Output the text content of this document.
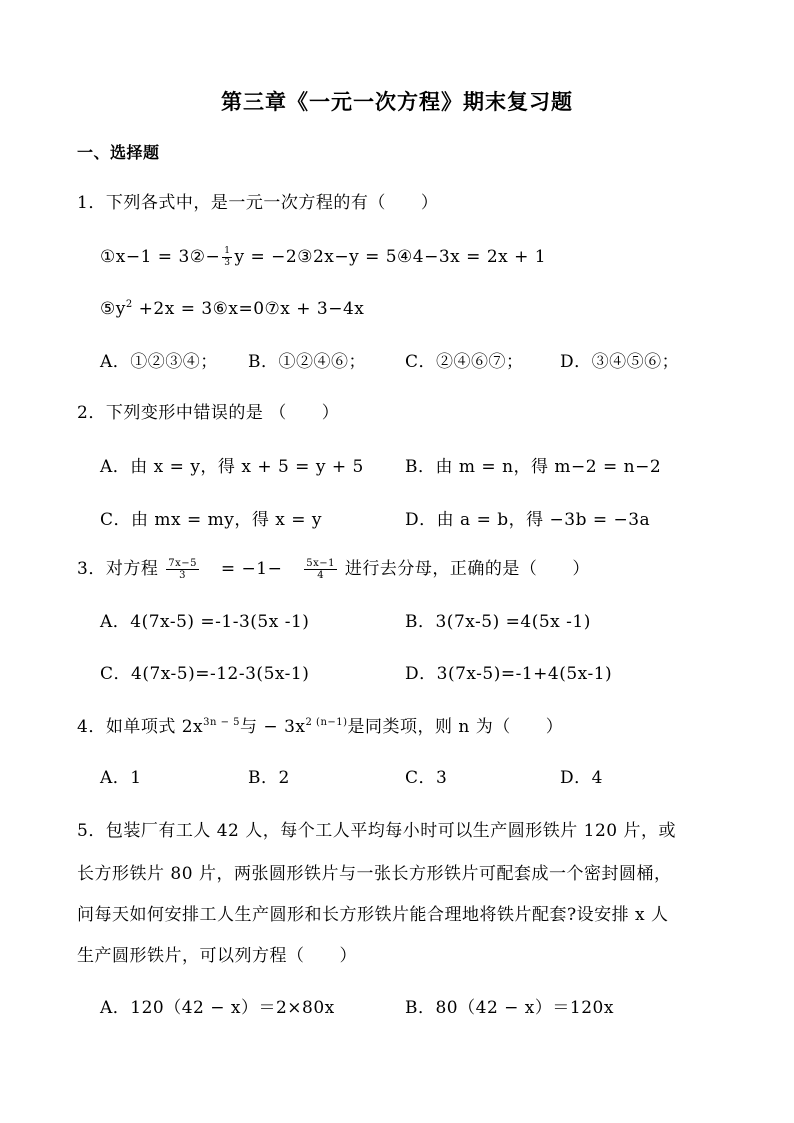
第三章《一元一次方程》期末复习题
一、选择题
1．下列各式中，是一元一次方程的有（　　）
①x−1 = 3②− $\frac{1}{3}$ y = −2③2x−y = 5④4−3x = 2x + 1
$⑤y^2 +2x$ = 3⑥x=0⑦x + 3−4x
A．①②③④； B．①②④⑥； C．②④⑥⑦； D．③④⑤⑥；
2．下列变形中错误的是 （　　）
A．由 x = y，得 x + 5 = y + 5 B．由 m = n，得 m−2 = n−2
C．由 mx = my，得 x = y	D．由 a = b，得 −3b = −3a
3．对方程 $\frac{7x-5}{3} = -1- \frac{5x-1}{4}$ 进行去分母，正确的是（　　）
A．4(7x-5) =-1-3(5x -1)	B．3(7x-5) =4(5x -1)
C．4(7x-5)=-12-3(5x-1)	D．3(7x-5)=-1+4(5x-1)
4．如单项式 $2x^{3n - 5}$与 − $3x^{2 (n-1)}$是同类项，则 n 为（　　）
A．1	B．2	C．3	D．4
5．包装厂有工人 42 人，每个工人平均每小时可以生产圆形铁片 120 片，或
长方形铁片 80 片，两张圆形铁片与一张长方形铁片可配套成一个密封圆桶，
问每天如何安排工人生产圆形和长方形铁片能合理地将铁片配套?设安排 x 人
生产圆形铁片，可以列方程（　　）
A．120（42 − x）＝2×80x	B．80（42 − x）＝120x
